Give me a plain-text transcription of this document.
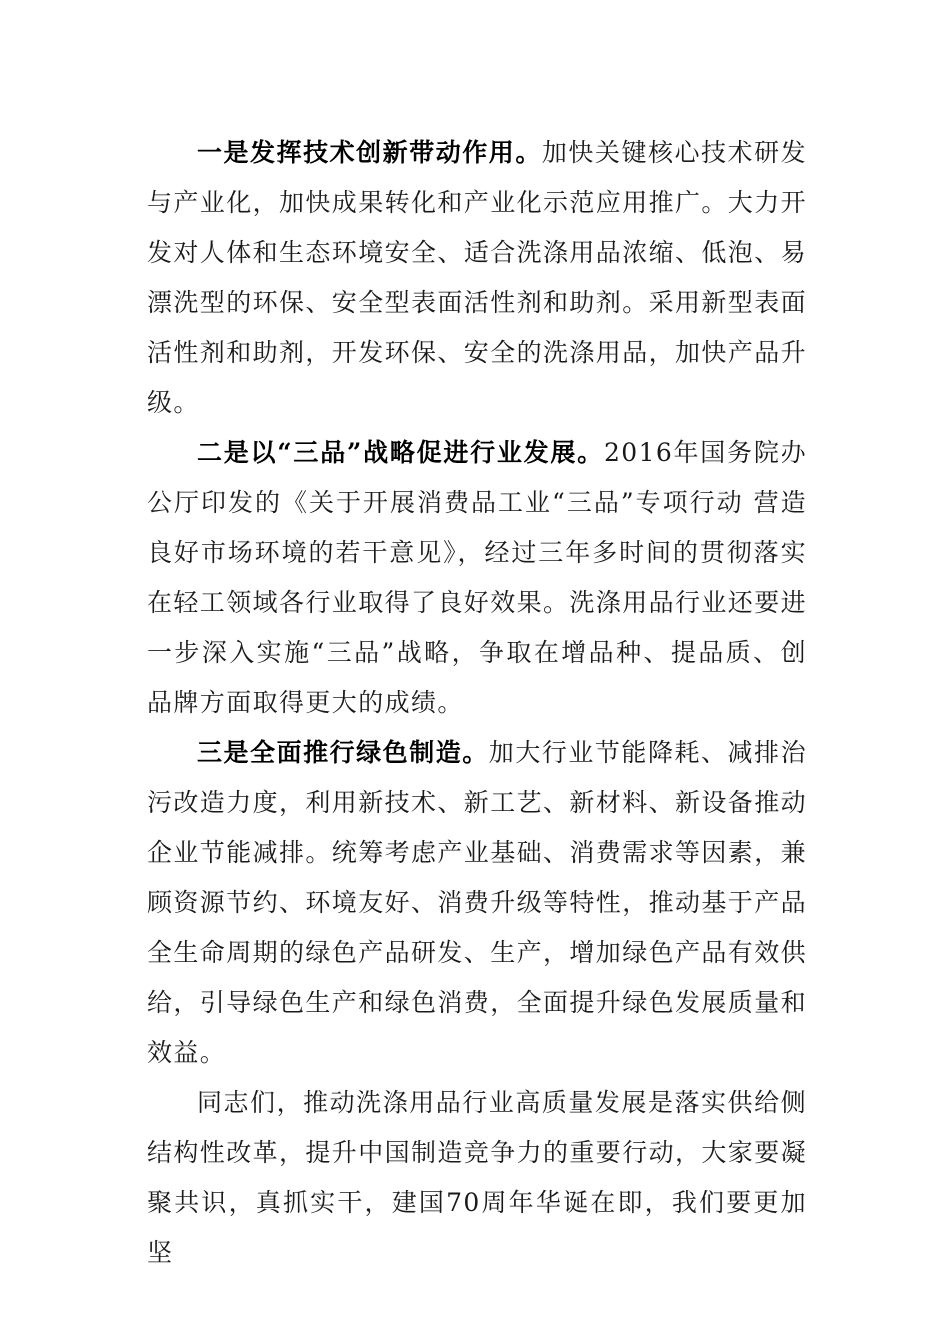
一是发挥技术创新带动作用。加快关键核心技术研发与产业化，加快成果转化和产业化示范应用推广。大力开发对人体和生态环境安全、适合洗涤用品浓缩、低泡、易漂洗型的环保、安全型表面活性剂和助剂。采用新型表面活性剂和助剂，开发环保、安全的洗涤用品，加快产品升级。

二是以“三品”战略促进行业发展。2016年国务院办公厅印发的《关于开展消费品工业“三品”专项行动 营造良好市场环境的若干意见》，经过三年多时间的贯彻落实在轻工领域各行业取得了良好效果。洗涤用品行业还要进一步深入实施“三品”战略，争取在增品种、提品质、创品牌方面取得更大的成绩。

三是全面推行绿色制造。加大行业节能降耗、减排治污改造力度，利用新技术、新工艺、新材料、新设备推动企业节能减排。统筹考虑产业基础、消费需求等因素，兼顾资源节约、环境友好、消费升级等特性，推动基于产品全生命周期的绿色产品研发、生产，增加绿色产品有效供给，引导绿色生产和绿色消费，全面提升绿色发展质量和效益。

同志们，推动洗涤用品行业高质量发展是落实供给侧结构性改革，提升中国制造竞争力的重要行动，大家要凝聚共识，真抓实干，建国70周年华诞在即，我们要更加坚
